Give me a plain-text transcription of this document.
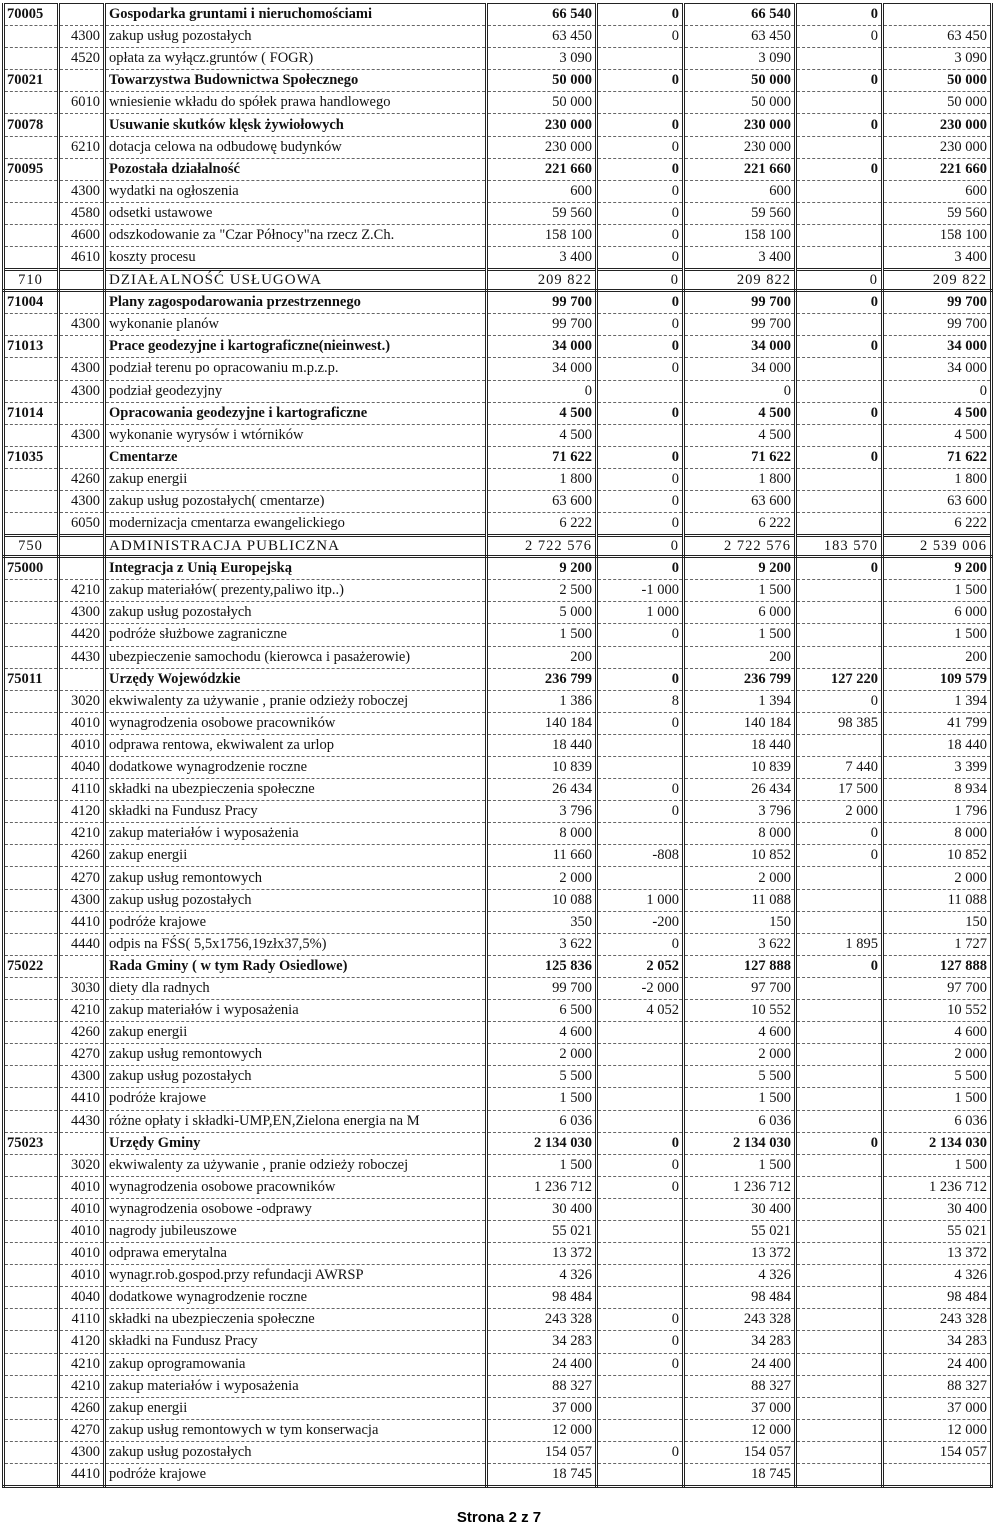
70005		Gospodarka gruntami i nieruchomościami	66 540	0	66 540	0	
	4300	zakup usług pozostałych	63 450	0	63 450	0	63 450
	4520	opłata za wyłącz.gruntów ( FOGR)	3 090		3 090		3 090
70021		Towarzystwa Budownictwa Społecznego	50 000	0	50 000	0	50 000
	6010	wniesienie wkładu do spółek prawa handlowego	50 000		50 000		50 000
70078		Usuwanie skutków klęsk żywiołowych	230 000	0	230 000	0	230 000
	6210	dotacja celowa na odbudowę budynków	230 000	0	230 000		230 000
70095		Pozostała działalność	221 660	0	221 660	0	221 660
	4300	wydatki na ogłoszenia	600	0	600		600
	4580	odsetki ustawowe	59 560	0	59 560		59 560
	4600	odszkodowanie za "Czar Północy"na rzecz Z.Ch.	158 100	0	158 100		158 100
	4610	koszty procesu	3 400	0	3 400		3 400
710		DZIAŁALNOŚĆ USŁUGOWA	209 822	0	209 822	0	209 822
71004		Plany zagospodarowania przestrzennego	99 700	0	99 700	0	99 700
	4300	wykonanie planów	99 700	0	99 700		99 700
71013		Prace geodezyjne i kartograficzne(nieinwest.)	34 000	0	34 000	0	34 000
	4300	podział terenu po opracowaniu m.p.z.p.	34 000	0	34 000		34 000
	4300	podział geodezyjny	0		0		0
71014		Opracowania geodezyjne i kartograficzne	4 500	0	4 500	0	4 500
	4300	wykonanie wyrysów i wtórników	4 500		4 500		4 500
71035		Cmentarze	71 622	0	71 622	0	71 622
	4260	zakup energii	1 800	0	1 800		1 800
	4300	zakup usług pozostałych( cmentarze)	63 600	0	63 600		63 600
	6050	modernizacja cmentarza ewangelickiego	6 222	0	6 222		6 222
750		ADMINISTRACJA PUBLICZNA	2 722 576	0	2 722 576	183 570	2 539 006
75000		Integracja z Unią Europejską	9 200	0	9 200	0	9 200
	4210	zakup materiałów( prezenty,paliwo itp..)	2 500	-1 000	1 500		1 500
	4300	zakup usług pozostałych	5 000	1 000	6 000		6 000
	4420	podróże służbowe zagraniczne	1 500	0	1 500		1 500
	4430	ubezpieczenie samochodu (kierowca i pasażerowie)	200		200		200
75011		Urzędy Wojewódzkie	236 799	0	236 799	127 220	109 579
	3020	ekwiwalenty za używanie , pranie odzieży roboczej	1 386	8	1 394	0	1 394
	4010	wynagrodzenia osobowe pracowników	140 184	0	140 184	98 385	41 799
	4010	odprawa rentowa, ekwiwalent za urlop	18 440		18 440		18 440
	4040	dodatkowe wynagrodzenie roczne	10 839		10 839	7 440	3 399
	4110	składki na ubezpieczenia społeczne	26 434	0	26 434	17 500	8 934
	4120	składki na Fundusz Pracy	3 796	0	3 796	2 000	1 796
	4210	zakup materiałów i wyposażenia	8 000		8 000	0	8 000
	4260	zakup energii	11 660	-808	10 852	0	10 852
	4270	zakup usług remontowych	2 000		2 000		2 000
	4300	zakup usług pozostałych	10 088	1 000	11 088		11 088
	4410	podróże krajowe	350	-200	150		150
	4440	odpis na FŚS( 5,5x1756,19złx37,5%)	3 622	0	3 622	1 895	1 727
75022		Rada Gminy ( w tym Rady Osiedlowe)	125 836	2 052	127 888	0	127 888
	3030	diety dla radnych	99 700	-2 000	97 700		97 700
	4210	zakup materiałów i wyposażenia	6 500	4 052	10 552		10 552
	4260	zakup energii	4 600		4 600		4 600
	4270	zakup usług remontowych	2 000		2 000		2 000
	4300	zakup usług pozostałych	5 500		5 500		5 500
	4410	podróże krajowe	1 500		1 500		1 500
	4430	różne opłaty i składki-UMP,EN,Zielona energia na M	6 036		6 036		6 036
75023		Urzędy Gminy	2 134 030	0	2 134 030	0	2 134 030
	3020	ekwiwalenty za używanie , pranie odzieży roboczej	1 500	0	1 500		1 500
	4010	wynagrodzenia osobowe pracowników	1 236 712	0	1 236 712		1 236 712
	4010	wynagrodzenia osobowe -odprawy	30 400		30 400		30 400
	4010	nagrody jubileuszowe	55 021		55 021		55 021
	4010	odprawa emerytalna	13 372		13 372		13 372
	4010	wynagr.rob.gospod.przy refundacji AWRSP	4 326		4 326		4 326
	4040	dodatkowe wynagrodzenie roczne	98 484		98 484		98 484
	4110	składki na ubezpieczenia społeczne	243 328	0	243 328		243 328
	4120	składki na Fundusz Pracy	34 283	0	34 283		34 283
	4210	zakup oprogramowania	24 400	0	24 400		24 400
	4210	zakup materiałów i wyposażenia	88 327		88 327		88 327
	4260	zakup energii	37 000		37 000		37 000
	4270	zakup usług remontowych w tym konserwacja	12 000		12 000		12 000
	4300	zakup usług pozostałych	154 057	0	154 057		154 057
	4410	podróże krajowe	18 745		18 745		
Strona 2 z 7
